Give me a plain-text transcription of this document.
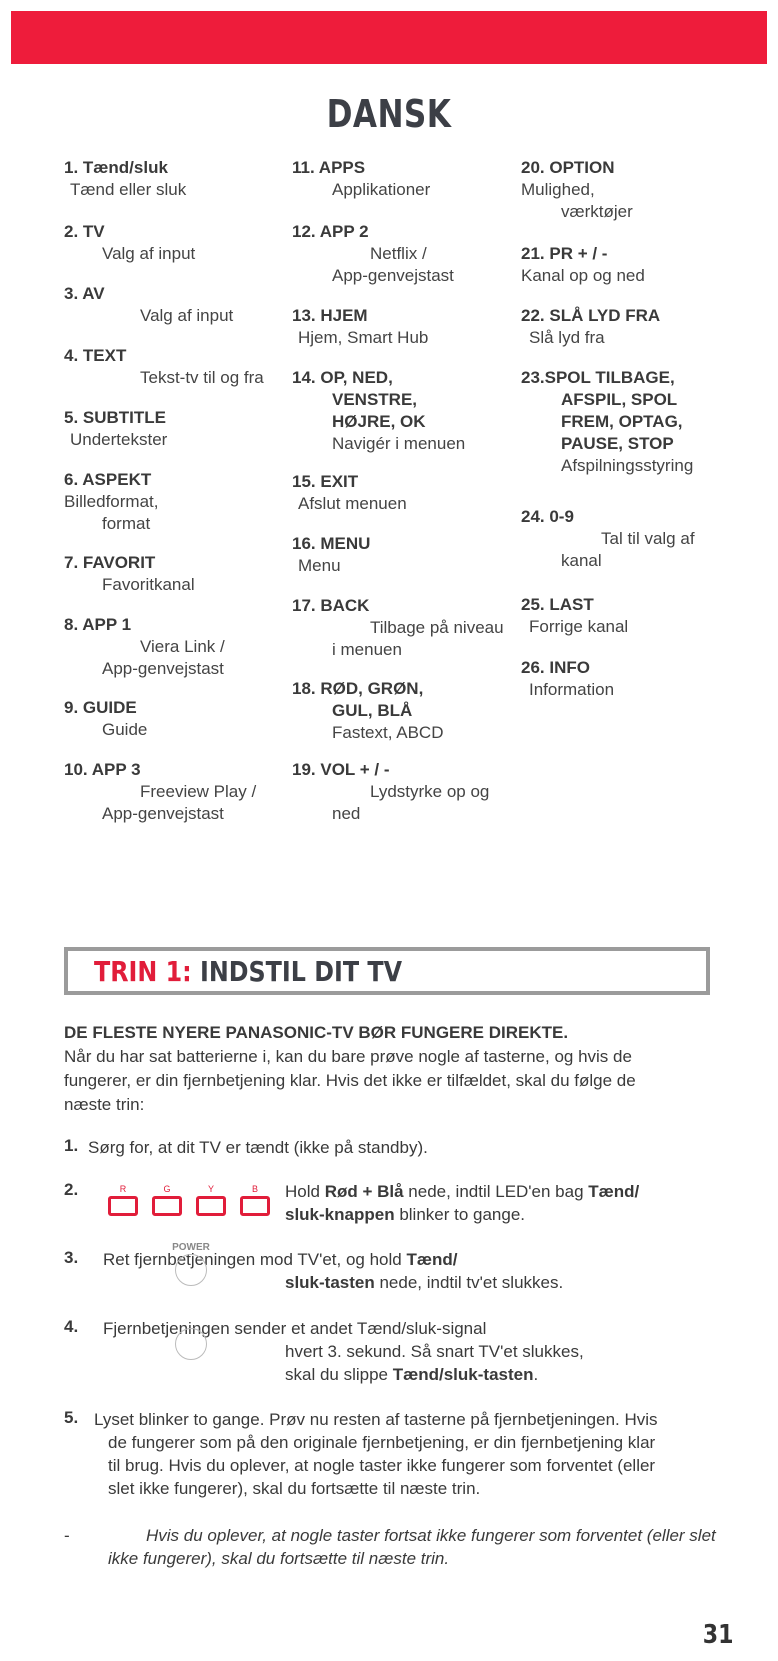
DANSK
1. Tænd/sluk
Tænd eller sluk
2. TV
Valg af input
3. AV
Valg af input
4. TEXT
Tekst-tv til og fra
5. SUBTITLE
Undertekster
6. ASPEKT
Billedformat,
format
7. FAVORIT
Favoritkanal
8. APP 1
Viera Link /
App-genvejstast
9. GUIDE
Guide
10. APP 3
Freeview Play /
App-genvejstast
11. APPS
Applikationer
12. APP 2
Netflix /
App-genvejstast
13. HJEM
Hjem, Smart Hub
14. OP, NED,
VENSTRE,
HØJRE, OK
Navigér i menuen
15. EXIT
Afslut menuen
16. MENU
Menu
17. BACK
Tilbage på niveau
i menuen
18. RØD, GRØN,
GUL, BLÅ
Fastext, ABCD
19. VOL + / -
Lydstyrke op og
ned
20. OPTION
Mulighed,
værktøjer
21. PR + / -
Kanal op og ned
22. SLÅ LYD FRA
Slå lyd fra
23.SPOL TILBAGE,
AFSPIL, SPOL
FREM, OPTAG,
PAUSE, STOP
Afspilningsstyring
24. 0-9
Tal til valg af
kanal
25. LAST
Forrige kanal
26. INFO
Information
TRIN 1: INDSTIL DIT TV
DE FLESTE NYERE PANASONIC-TV BØR FUNGERE DIREKTE.
Når du har sat batterierne i, kan du bare prøve nogle af tasterne, og hvis de
fungerer, er din fjernbetjening klar. Hvis det ikke er tilfældet, skal du følge de
næste trin:
1. Sørg for, at dit TV er tændt (ikke på standby).
2.	R	G	Y	B	Hold Rød + Blå nede, indtil LED'en bag Tænd/
sluk-knappen blinker to gange.
3. Ret fjernbetjeningen mod TV'et, og hold Tænd/
POWER
sluk-tasten nede, indtil tv'et slukkes.
4. Fjernbetjeningen sender et andet Tænd/sluk-signal
hvert 3. sekund. Så snart TV'et slukkes,
skal du slippe Tænd/sluk-tasten.
5. Lyset blinker to gange. Prøv nu resten af tasterne på fjernbetjeningen. Hvis
de fungerer som på den originale fjernbetjening, er din fjernbetjening klar
til brug. Hvis du oplever, at nogle taster ikke fungerer som forventet (eller
slet ikke fungerer), skal du fortsætte til næste trin.
-	Hvis du oplever, at nogle taster fortsat ikke fungerer som forventet (eller slet
ikke fungerer), skal du fortsætte til næste trin.
31
